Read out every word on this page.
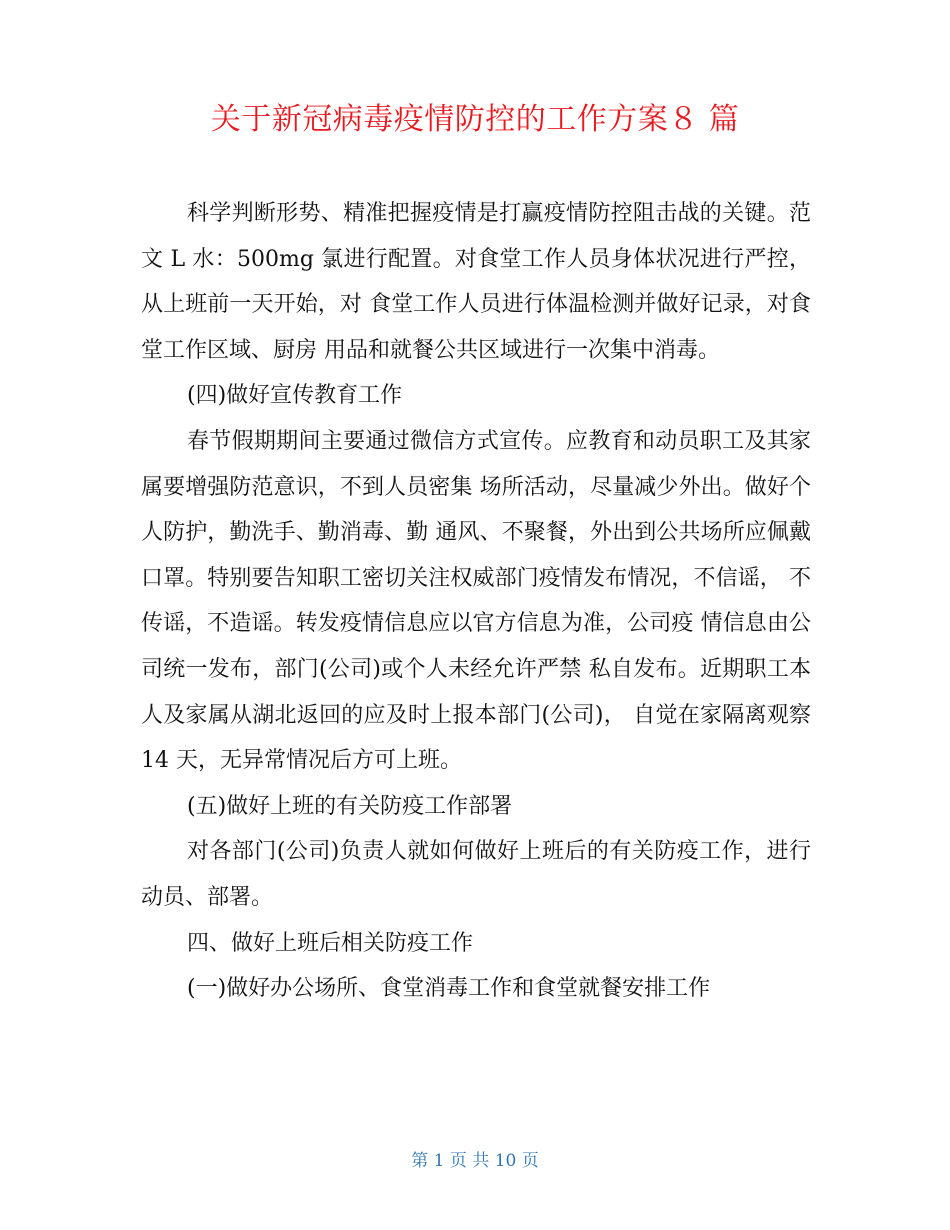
关于新冠病毒疫情防控的工作方案８ 篇

科学判断形势、精准把握疫情是打赢疫情防控阻击战的关键。范文 L 水：500mg 氯进行配置。对食堂工作人员身体状况进行严控，从上班前一天开始，对 食堂工作人员进行体温检测并做好记录，对食堂工作区域、厨房 用品和就餐公共区域进行一次集中消毒。

(四)做好宣传教育工作

春节假期期间主要通过微信方式宣传。应教育和动员职工及其家属要增强防范意识，不到人员密集 场所活动，尽量减少外出。做好个人防护，勤洗手、勤消毒、勤 通风、不聚餐，外出到公共场所应佩戴口罩。特别要告知职工密切关注权威部门疫情发布情况，不信谣， 不传谣，不造谣。转发疫情信息应以官方信息为准，公司疫 情信息由公司统一发布，部门(公司)或个人未经允许严禁 私自发布。近期职工本人及家属从湖北返回的应及时上报本部门(公司)， 自觉在家隔离观察 14 天，无异常情况后方可上班。

(五)做好上班的有关防疫工作部署

对各部门(公司)负责人就如何做好上班后的有关防疫工作，进行动员、部署。

四、做好上班后相关防疫工作

(一)做好办公场所、食堂消毒工作和食堂就餐安排工作

第 1 页 共 10 页
